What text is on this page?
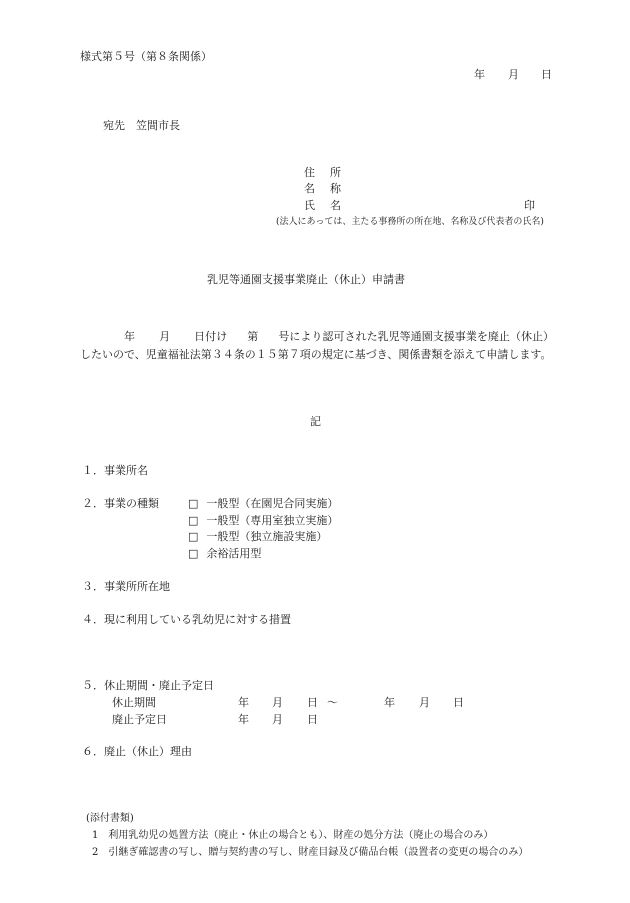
様式第５号（第８条関係）
年 月 日
宛先　笠間市長
住　所
名　称
氏　名	印
(法人にあっては、主たる事務所の所在地、名称及び代表者の氏名)
乳児等通園支援事業廃止（休止）申請書
年 月 日付け 第 号により認可された乳児等通園支援事業を廃止（休止）したいので、児童福祉法第３４条の１５第７項の規定に基づき、関係書類を添えて申請します。
記
１．事業所名
２．事業の種類	□ 一般型（在園児合同実施）
□ 一般型（専用室独立実施）
□ 一般型（独立施設実施）
□ 余裕活用型
３．事業所所在地
４．現に利用している乳幼児に対する措置
５．休止期間・廃止予定日
休止期間	年 月 日 ～	年 月 日
廃止予定日	年 月 日
６．廃止（休止）理由
(添付書類)
1　利用乳幼児の処置方法（廃止・休止の場合とも）、財産の処分方法（廃止の場合のみ）
2　引継ぎ確認書の写し、贈与契約書の写し、財産目録及び備品台帳（設置者の変更の場合のみ）
